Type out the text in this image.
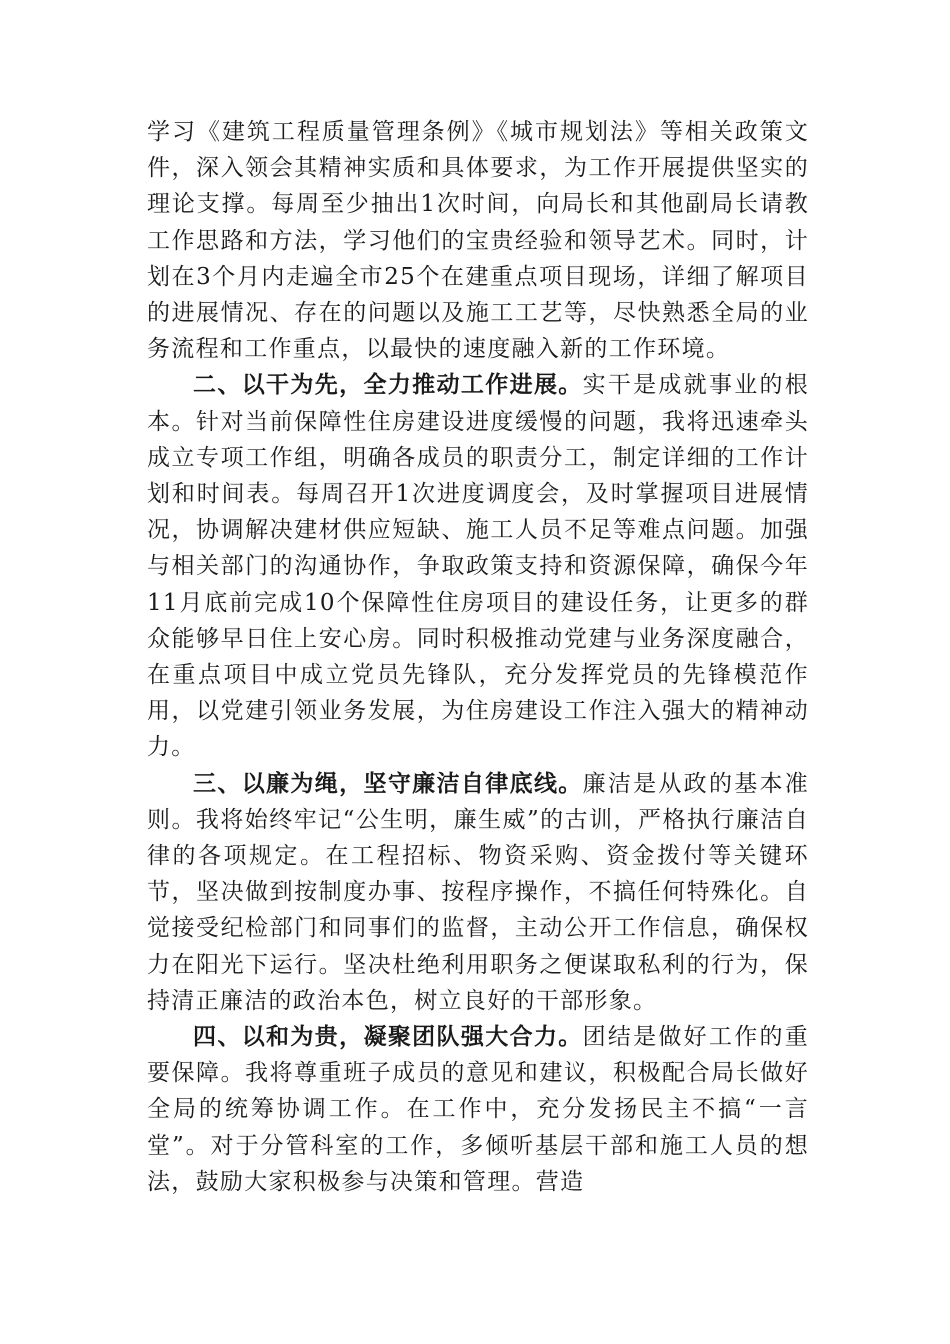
学习《建筑工程质量管理条例》《城市规划法》等相关政策文件，深入领会其精神实质和具体要求，为工作开展提供坚实的理论支撑。每周至少抽出1次时间，向局长和其他副局长请教工作思路和方法，学习他们的宝贵经验和领导艺术。同时，计划在3个月内走遍全市25个在建重点项目现场，详细了解项目的进展情况、存在的问题以及施工工艺等，尽快熟悉全局的业务流程和工作重点，以最快的速度融入新的工作环境。

二、以干为先，全力推动工作进展。实干是成就事业的根本。针对当前保障性住房建设进度缓慢的问题，我将迅速牵头成立专项工作组，明确各成员的职责分工，制定详细的工作计划和时间表。每周召开1次进度调度会，及时掌握项目进展情况，协调解决建材供应短缺、施工人员不足等难点问题。加强与相关部门的沟通协作，争取政策支持和资源保障，确保今年11月底前完成10个保障性住房项目的建设任务，让更多的群众能够早日住上安心房。同时积极推动党建与业务深度融合，在重点项目中成立党员先锋队，充分发挥党员的先锋模范作用，以党建引领业务发展，为住房建设工作注入强大的精神动力。

三、以廉为绳，坚守廉洁自律底线。廉洁是从政的基本准则。我将始终牢记“公生明，廉生威”的古训，严格执行廉洁自律的各项规定。在工程招标、物资采购、资金拨付等关键环节，坚决做到按制度办事、按程序操作，不搞任何特殊化。自觉接受纪检部门和同事们的监督，主动公开工作信息，确保权力在阳光下运行。坚决杜绝利用职务之便谋取私利的行为，保持清正廉洁的政治本色，树立良好的干部形象。

四、以和为贵，凝聚团队强大合力。团结是做好工作的重要保障。我将尊重班子成员的意见和建议，积极配合局长做好全局的统筹协调工作。在工作中，充分发扬民主不搞“一言堂”。对于分管科室的工作，多倾听基层干部和施工人员的想法，鼓励大家积极参与决策和管理。营造
